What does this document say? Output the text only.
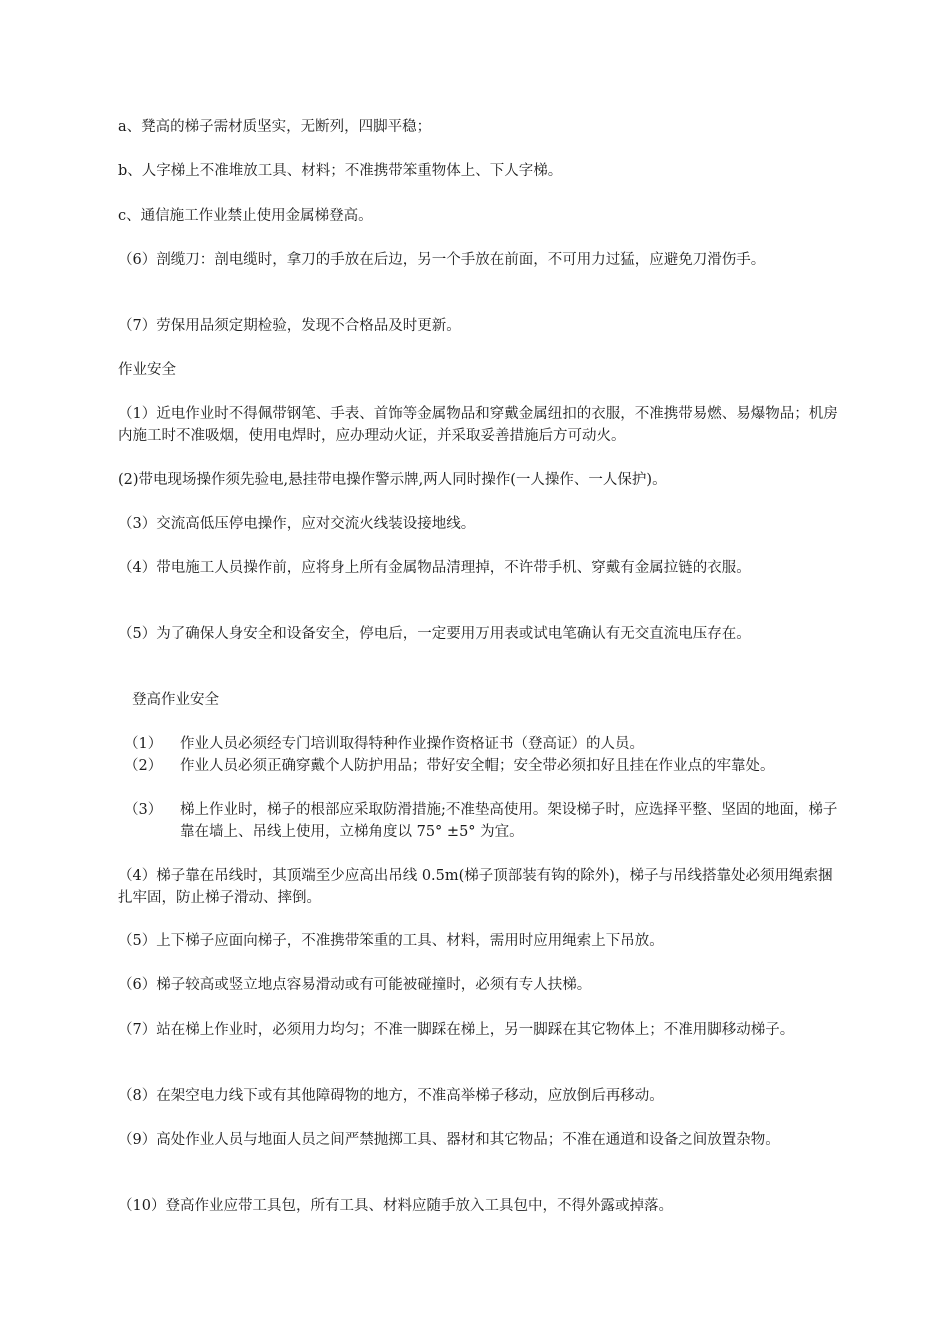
a、凳高的梯子需材质坚实，无断列，四脚平稳；

b、人字梯上不准堆放工具、材料；不准携带笨重物体上、下人字梯。

c、通信施工作业禁止使用金属梯登高。

（6）剖缆刀：剖电缆时，拿刀的手放在后边，另一个手放在前面，不可用力过猛，应避免刀滑伤手。

（7）劳保用品须定期检验，发现不合格品及时更新。

作业安全

（1）近电作业时不得佩带钢笔、手表、首饰等金属物品和穿戴金属纽扣的衣服，不准携带易燃、易爆物品；机房内施工时不准吸烟，使用电焊时，应办理动火证，并采取妥善措施后方可动火。

(2)带电现场操作须先验电,悬挂带电操作警示牌,两人同时操作(一人操作、一人保护)。

（3）交流高低压停电操作，应对交流火线装设接地线。

（4）带电施工人员操作前，应将身上所有金属物品清理掉，不许带手机、穿戴有金属拉链的衣服。

（5）为了确保人身安全和设备安全，停电后，一定要用万用表或试电笔确认有无交直流电压存在。

登高作业安全

（1）	作业人员必须经专门培训取得特种作业操作资格证书（登高证）的人员。
（2）	作业人员必须正确穿戴个人防护用品；带好安全帽；安全带必须扣好且挂在作业点的牢靠处。
（3）	梯上作业时，梯子的根部应采取防滑措施;不准垫高使用。架设梯子时，应选择平整、坚固的地面，梯子靠在墙上、吊线上使用，立梯角度以 75° ±5° 为宜。

（4）梯子靠在吊线时，其顶端至少应高出吊线 0.5m(梯子顶部装有钩的除外)，梯子与吊线搭靠处必须用绳索捆扎牢固，防止梯子滑动、摔倒。

（5）上下梯子应面向梯子，不准携带笨重的工具、材料，需用时应用绳索上下吊放。

（6）梯子较高或竖立地点容易滑动或有可能被碰撞时，必须有专人扶梯。

（7）站在梯上作业时，必须用力均匀；不准一脚踩在梯上，另一脚踩在其它物体上；不准用脚移动梯子。

（8）在架空电力线下或有其他障碍物的地方，不准高举梯子移动，应放倒后再移动。

（9）高处作业人员与地面人员之间严禁抛掷工具、器材和其它物品；不准在通道和设备之间放置杂物。

（10）登高作业应带工具包，所有工具、材料应随手放入工具包中，不得外露或掉落。
